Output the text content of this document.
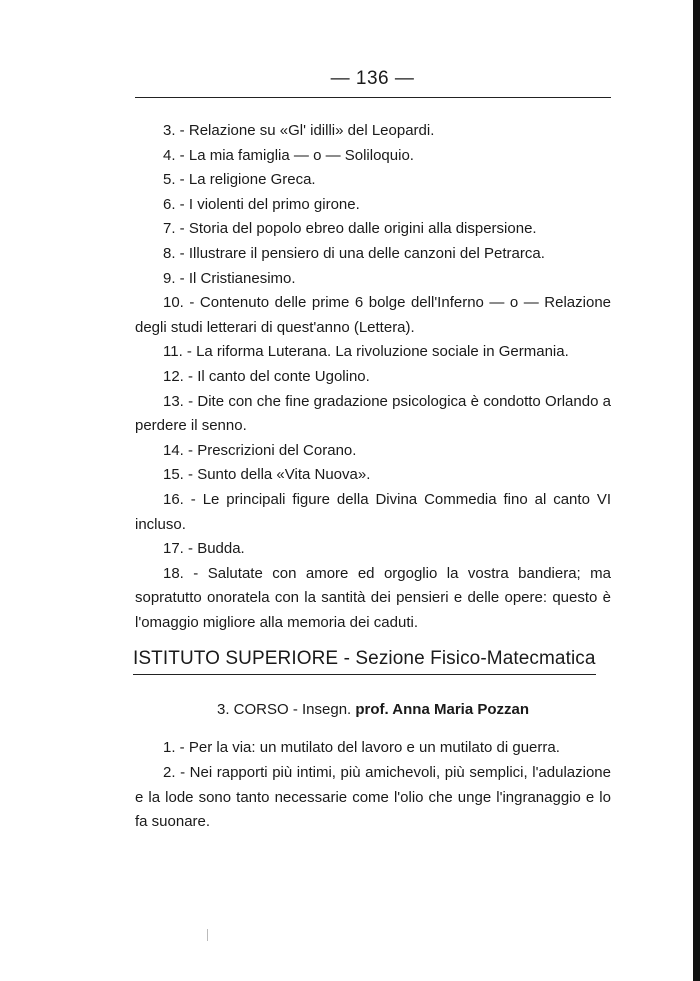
— 136 —

3. - Relazione su «Gl' idilli» del Leopardi.

4. - La mia famiglia — o — Soliloquio.

5. - La religione Greca.

6. - I violenti del primo girone.

7. - Storia del popolo ebreo dalle origini alla dispersione.

8. - Illustrare il pensiero di una delle canzoni del Petrarca.

9. - Il Cristianesimo.

10. - Contenuto delle prime 6 bolge dell'Inferno — o — Relazione degli studi letterari di quest'anno (Lettera).

11. - La riforma Luterana. La rivoluzione sociale in Germania.

12. - Il canto del conte Ugolino.

13. - Dite con che fine gradazione psicologica è condotto Orlando a perdere il senno.

14. - Prescrizioni del Corano.

15. - Sunto della «Vita Nuova».

16. - Le principali figure della Divina Commedia fino al canto VI incluso.

17. - Budda.

18. - Salutate con amore ed orgoglio la vostra bandiera; ma sopratutto onoratela con la santità dei pensieri e delle opere: questo è l'omaggio migliore alla memoria dei caduti.

ISTITUTO SUPERIORE - Sezione Fisico-Matecmatica
3. CORSO - Insegn. prof. Anna Maria Pozzan

1. - Per la via: un mutilato del lavoro e un mutilato di guerra.

2. - Nei rapporti più intimi, più amichevoli, più semplici, l'adulazione e la lode sono tanto necessarie come l'olio che unge l'ingranaggio e lo fa suonare.
